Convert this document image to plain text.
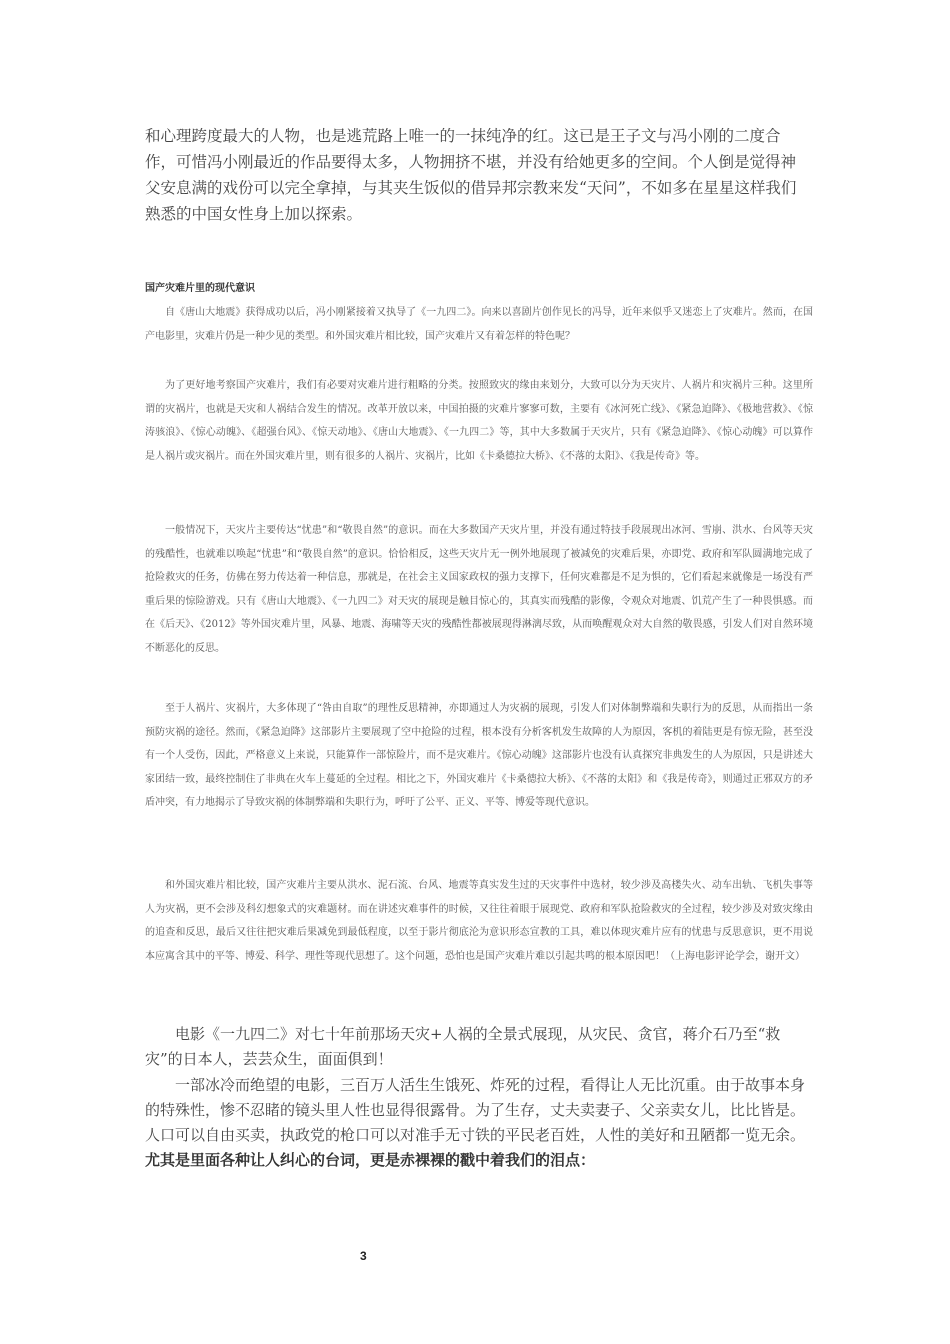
和心理跨度最大的人物，也是逃荒路上唯一的一抹纯净的红。这已是王子文与冯小刚的二度合作，可惜冯小刚最近的作品要得太多，人物拥挤不堪，并没有给她更多的空间。个人倒是觉得神父安息满的戏份可以完全拿掉，与其夹生饭似的借异邦宗教来发“天问”，不如多在星星这样我们熟悉的中国女性身上加以探索。

国产灾难片里的现代意识

自《唐山大地震》获得成功以后，冯小刚紧接着又执导了《一九四二》。向来以喜剧片创作见长的冯导，近年来似乎又迷恋上了灾难片。然而，在国产电影里，灾难片仍是一种少见的类型。和外国灾难片相比较，国产灾难片又有着怎样的特色呢？

为了更好地考察国产灾难片，我们有必要对灾难片进行粗略的分类。按照致灾的缘由来划分，大致可以分为天灾片、人祸片和灾祸片三种。这里所谓的灾祸片，也就是天灾和人祸结合发生的情况。改革开放以来，中国拍摄的灾难片寥寥可数，主要有《冰河死亡线》、《紧急迫降》、《极地营救》、《惊涛骇浪》、《惊心动魄》、《超强台风》、《惊天动地》、《唐山大地震》、《一九四二》等，其中大多数属于天灾片，只有《紧急迫降》、《惊心动魄》可以算作是人祸片或灾祸片。而在外国灾难片里，则有很多的人祸片、灾祸片，比如《卡桑德拉大桥》、《不落的太阳》、《我是传奇》等。

一般情况下，天灾片主要传达“忧患”和“敬畏自然”的意识。而在大多数国产天灾片里，并没有通过特技手段展现出冰河、雪崩、洪水、台风等天灾的残酷性，也就难以唤起“忧患”和“敬畏自然”的意识。恰恰相反，这些天灾片无一例外地展现了被减免的灾难后果，亦即党、政府和军队圆满地完成了抢险救灾的任务，仿佛在努力传达着一种信息，那就是，在社会主义国家政权的强力支撑下，任何灾难都是不足为惧的，它们看起来就像是一场没有严重后果的惊险游戏。只有《唐山大地震》、《一九四二》对天灾的展现是触目惊心的，其真实而残酷的影像，令观众对地震、饥荒产生了一种畏惧感。而在《后天》、《2012》等外国灾难片里，风暴、地震、海啸等天灾的残酷性都被展现得淋漓尽致，从而唤醒观众对大自然的敬畏感，引发人们对自然环境不断恶化的反思。

至于人祸片、灾祸片，大多体现了“咎由自取”的理性反思精神，亦即通过人为灾祸的展现，引发人们对体制弊端和失职行为的反思，从而指出一条预防灾祸的途径。然而，《紧急迫降》这部影片主要展现了空中抢险的过程，根本没有分析客机发生故障的人为原因，客机的着陆更是有惊无险，甚至没有一个人受伤，因此，严格意义上来说，只能算作一部惊险片，而不是灾难片。《惊心动魄》这部影片也没有认真探究非典发生的人为原因，只是讲述大家团结一致，最终控制住了非典在火车上蔓延的全过程。相比之下，外国灾难片《卡桑德拉大桥》、《不落的太阳》和《我是传奇》，则通过正邪双方的矛盾冲突，有力地揭示了导致灾祸的体制弊端和失职行为，呼吁了公平、正义、平等、博爱等现代意识。

和外国灾难片相比较，国产灾难片主要从洪水、泥石流、台风、地震等真实发生过的天灾事件中选材，较少涉及高楼失火、动车出轨、飞机失事等人为灾祸，更不会涉及科幻想象式的灾难题材。而在讲述灾难事件的时候，又往往着眼于展现党、政府和军队抢险救灾的全过程，较少涉及对致灾缘由的追查和反思，最后又往往把灾难后果减免到最低程度，以至于影片彻底沦为意识形态宣教的工具，难以体现灾难片应有的忧患与反思意识，更不用说本应寓含其中的平等、博爱、科学、理性等现代思想了。这个问题，恐怕也是国产灾难片难以引起共鸣的根本原因吧！（上海电影评论学会，谢开文）

电影《一九四二》对七十年前那场天灾+人祸的全景式展现，从灾民、贪官，蒋介石乃至“救灾”的日本人，芸芸众生，面面俱到！

一部冰冷而绝望的电影，三百万人活生生饿死、炸死的过程，看得让人无比沉重。由于故事本身的特殊性，惨不忍睹的镜头里人性也显得很露骨。为了生存，丈夫卖妻子、父亲卖女儿，比比皆是。人口可以自由买卖，执政党的枪口可以对准手无寸铁的平民老百姓，人性的美好和丑陋都一览无余。尤其是里面各种让人纠心的台词，更是赤裸裸的戳中着我们的泪点：

3
